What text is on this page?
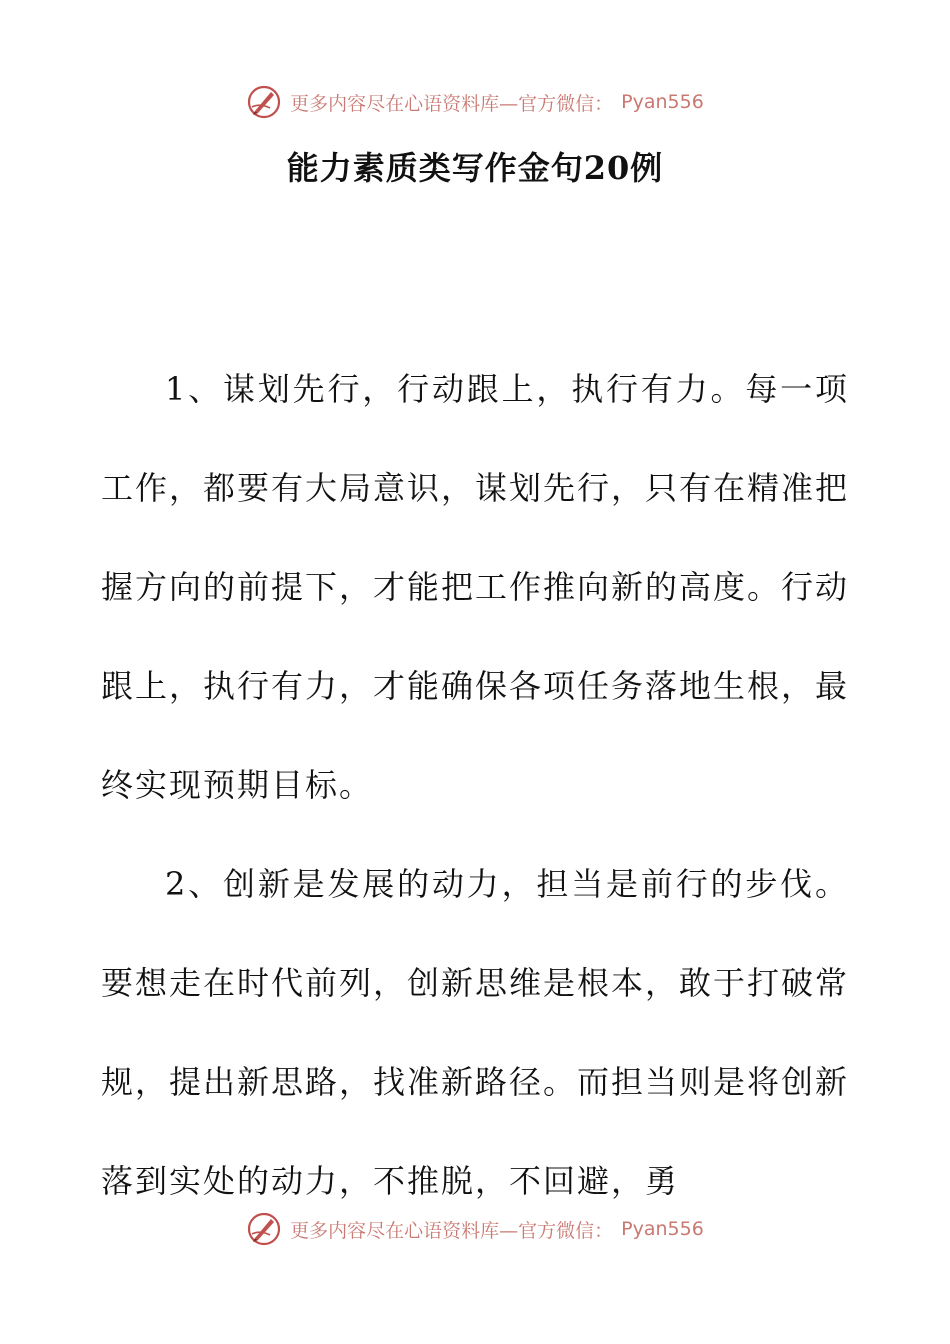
更多内容尽在心语资料库—官方微信： Pyan556
能力素质类写作金句20例

1、谋划先行，行动跟上，执行有力。每一项工作，都要有大局意识，谋划先行，只有在精准把握方向的前提下，才能把工作推向新的高度。行动跟上，执行有力，才能确保各项任务落地生根，最终实现预期目标。

2、创新是发展的动力，担当是前行的步伐。要想走在时代前列，创新思维是根本，敢于打破常规，提出新思路，找准新路径。而担当则是将创新落到实处的动力，不推脱，不回避，勇

更多内容尽在心语资料库—官方微信： Pyan556
